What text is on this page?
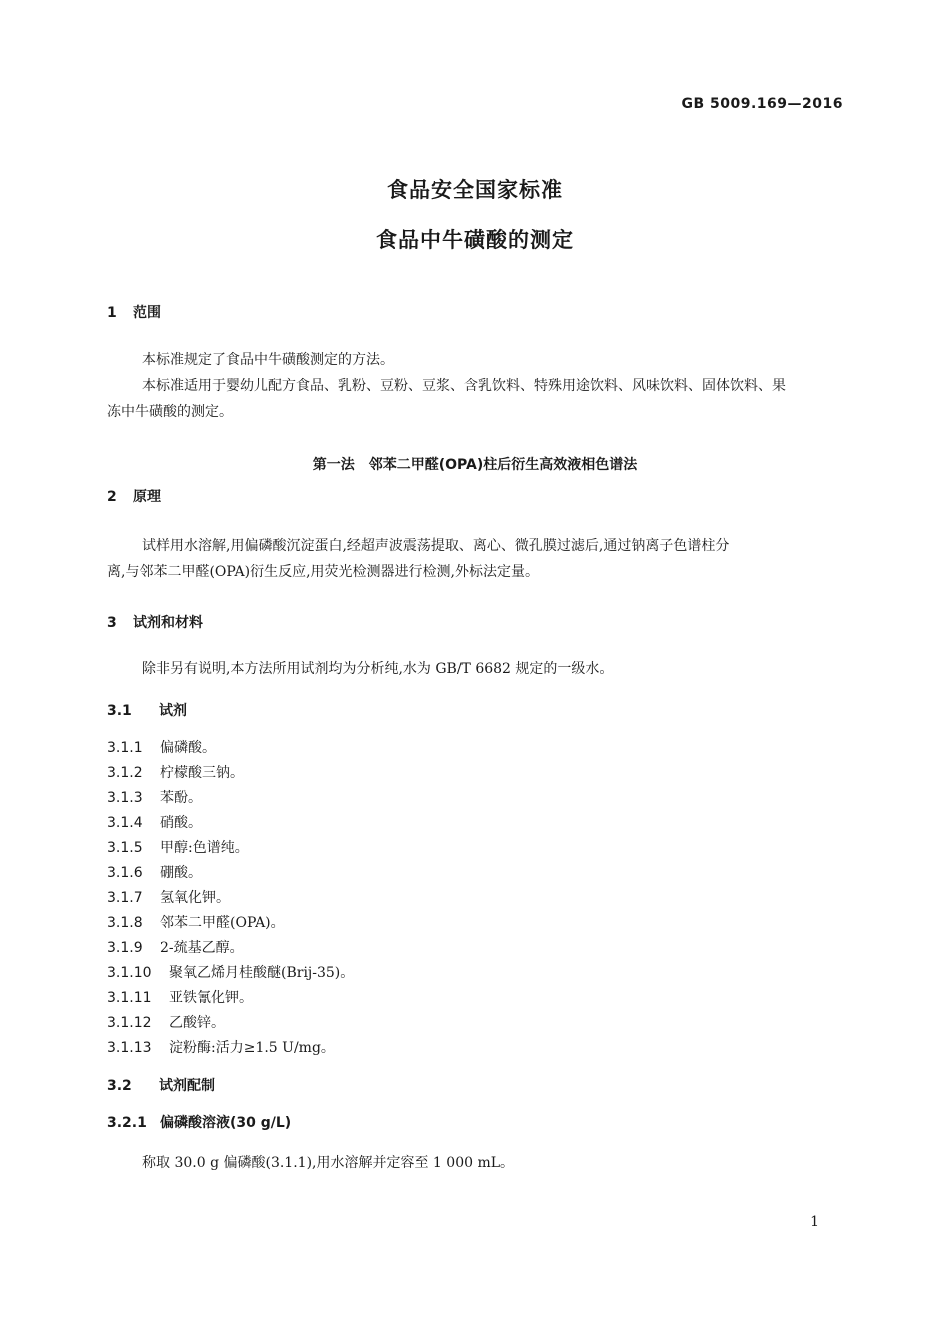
GB 5009.169—2016
食品安全国家标准
食品中牛磺酸的测定
1 范围
本标准规定了食品中牛磺酸测定的方法。
本标准适用于婴幼儿配方食品、乳粉、豆粉、豆浆、含乳饮料、特殊用途饮料、风味饮料、固体饮料、果
冻中牛磺酸的测定。
第一法　邻苯二甲醛(OPA)柱后衍生高效液相色谱法
2 原理
试样用水溶解,用偏磷酸沉淀蛋白,经超声波震荡提取、离心、微孔膜过滤后,通过钠离子色谱柱分
离,与邻苯二甲醛(OPA)衍生反应,用荧光检测器进行检测,外标法定量。
3 试剂和材料
除非另有说明,本方法所用试剂均为分析纯,水为 GB/T 6682 规定的一级水。
3.1 试剂
3.1.1 偏磷酸。
3.1.2 柠檬酸三钠。
3.1.3 苯酚。
3.1.4 硝酸。
3.1.5 甲醇:色谱纯。
3.1.6 硼酸。
3.1.7 氢氧化钾。
3.1.8 邻苯二甲醛(OPA)。
3.1.9 2-巯基乙醇。
3.1.10 聚氧乙烯月桂酸醚(Brij-35)。
3.1.11 亚铁氰化钾。
3.1.12 乙酸锌。
3.1.13 淀粉酶:活力≥1.5 U/mg。
3.2 试剂配制
3.2.1 偏磷酸溶液(30 g/L)
称取 30.0 g 偏磷酸(3.1.1),用水溶解并定容至 1 000 mL。
1
